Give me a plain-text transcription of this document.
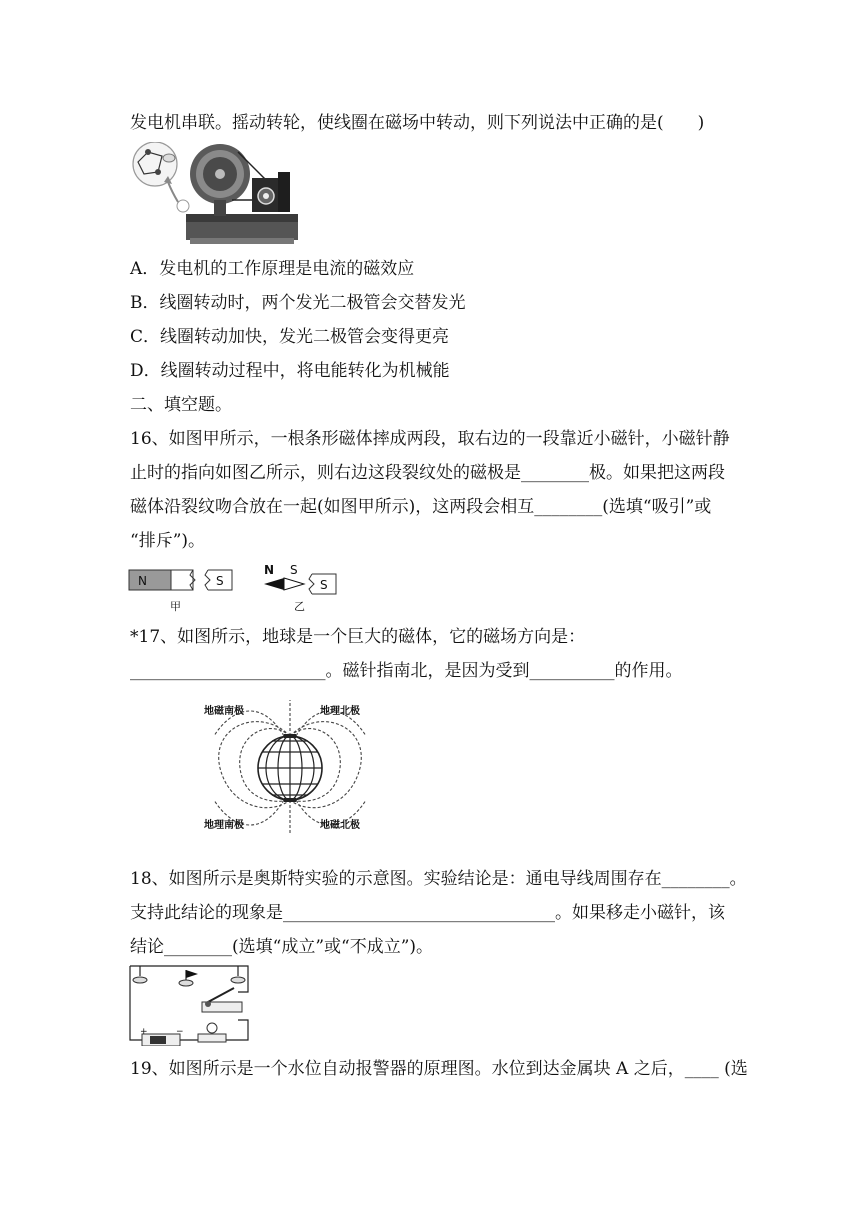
发电机串联。摇动转轮，使线圈在磁场中转动，则下列说法中正确的是(　　)
A．发电机的工作原理是电流的磁效应
B．线圈转动时，两个发光二极管会交替发光
C．线圈转动加快，发光二极管会变得更亮
D．线圈转动过程中，将电能转化为机械能
二、填空题。
16、如图甲所示，一根条形磁体摔成两段，取右边的一段靠近小磁针，小磁针静
止时的指向如图乙所示，则右边这段裂纹处的磁极是________极。如果把这两段
磁体沿裂纹吻合放在一起(如图甲所示)，这两段会相互________(选填“吸引”或
“排斥”)。
N	S
甲
N S
S
乙
*17、如图所示，地球是一个巨大的磁体，它的磁场方向是：
_______________________。磁针指南北，是因为受到__________的作用。
地磁南极	地理北极
地理南极	地磁北极
18、如图所示是奥斯特实验的示意图。实验结论是：通电导线周围存在________。
支持此结论的现象是________________________________。如果移走小磁针，该
结论________(选填“成立”或“不成立”)。
+	−
19、如图所示是一个水位自动报警器的原理图。水位到达金属块 A 之后，____ (选
